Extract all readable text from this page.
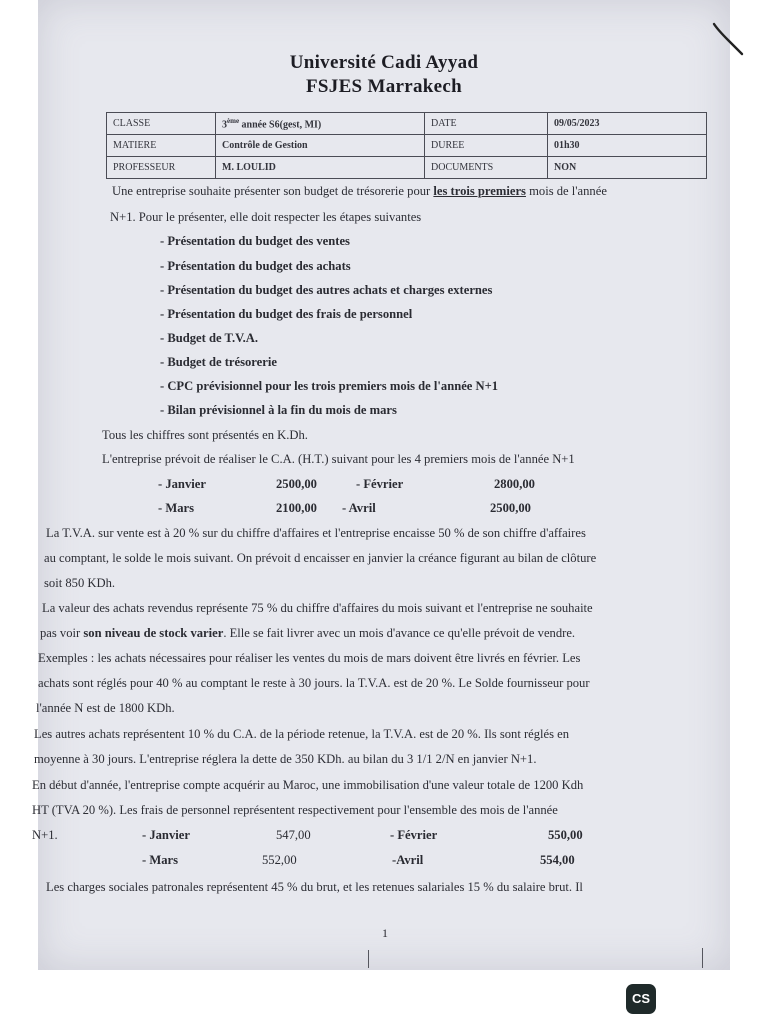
Université Cadi Ayyad
FSJES Marrakech
CLASSE	3ème année S6(gest, MI)	DATE	09/05/2023
MATIERE	Contrôle de Gestion	DUREE	01h30
PROFESSEUR	M. LOULID	DOCUMENTS	NON
Une entreprise souhaite présenter son budget de trésorerie pour les trois premiers mois de l'année
N+1. Pour le présenter, elle doit respecter les étapes suivantes
- Présentation du budget des ventes
- Présentation du budget des achats
- Présentation du budget des autres achats et charges externes
- Présentation du budget des frais de personnel
- Budget de T.V.A.
- Budget de trésorerie
- CPC prévisionnel pour les trois premiers mois de l'année N+1
- Bilan prévisionnel à la fin du mois de mars
Tous les chiffres sont présentés en K.Dh.
L'entreprise prévoit de réaliser le C.A. (H.T.) suivant pour les 4 premiers mois de l'année N+1
- Janvier	2500,00	- Février	2800,00
- Mars	2100,00 - Avril	2500,00
La T.V.A. sur vente est à 20 % sur du chiffre d'affaires et l'entreprise encaisse 50 % de son chiffre d'affaires
au comptant, le solde le mois suivant. On prévoit d encaisser en janvier la créance figurant au bilan de clôture
soit 850 KDh.
La valeur des achats revendus représente 75 % du chiffre d'affaires du mois suivant et l'entreprise ne souhaite
pas voir son niveau de stock varier. Elle se fait livrer avec un mois d'avance ce qu'elle prévoit de vendre.
Exemples : les achats nécessaires pour réaliser les ventes du mois de mars doivent être livrés en février. Les
achats sont réglés pour 40 % au comptant le reste à 30 jours. la T.V.A. est de 20 %. Le Solde fournisseur pour
l'année N est de 1800 KDh.
Les autres achats représentent 10 % du C.A. de la période retenue, la T.V.A. est de 20 %. Ils sont réglés en
moyenne à 30 jours. L'entreprise réglera la dette de 350 KDh. au bilan du 3 1/1 2/N en janvier N+1.
En début d'année, l'entreprise compte acquérir au Maroc, une immobilisation d'une valeur totale de 1200 Kdh
HT (TVA 20 %). Les frais de personnel représentent respectivement pour l'ensemble des mois de l'année
N+1.	- Janvier	547,00	- Février	550,00
- Mars	552,00	-Avril	554,00
Les charges sociales patronales représentent 45 % du brut, et les retenues salariales 15 % du salaire brut. Il
1
CS
